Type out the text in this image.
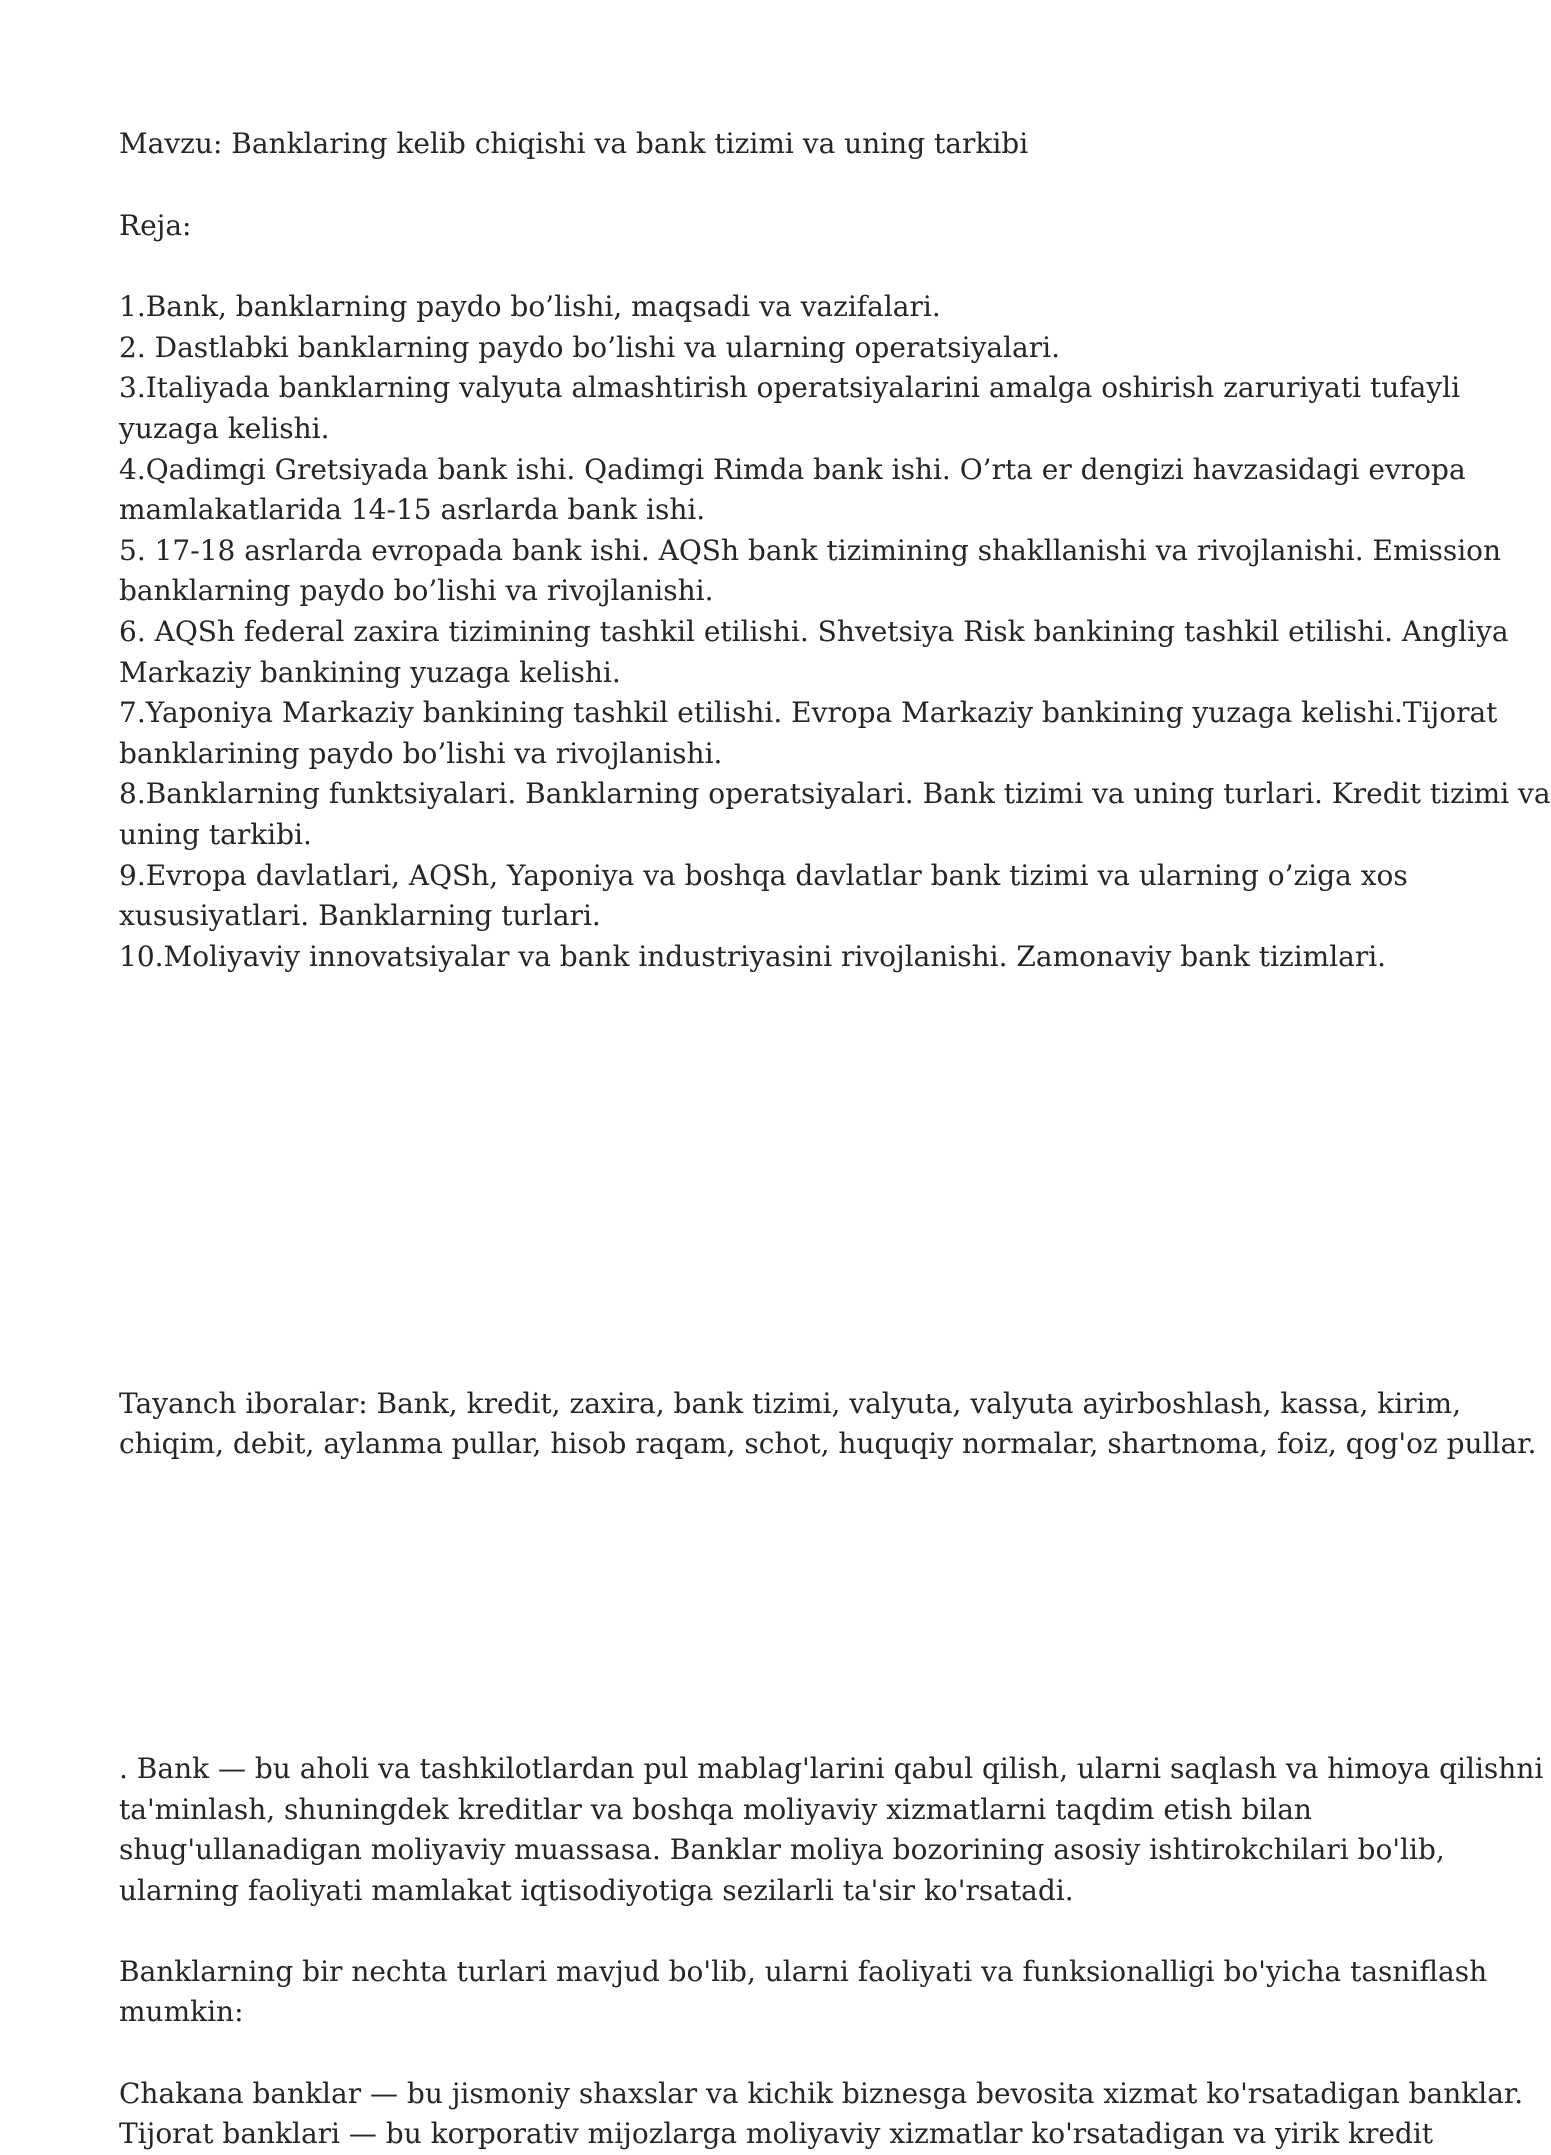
Mavzu: Banklaring kelib chiqishi va bank tizimi va uning tarkibi

Reja:

1.Bank, banklarning paydo bo’lishi, maqsadi va vazifalari.

2. Dastlabki banklarning paydo bo’lishi va ularning operatsiyalari.

3.Italiyada banklarning valyuta almashtirish operatsiyalarini amalga oshirish zaruriyati tufayli

yuzaga kelishi.

4.Qadimgi Gretsiyada bank ishi. Qadimgi Rimda bank ishi. O’rta er dengizi havzasidagi evropa

mamlakatlarida 14-15 asrlarda bank ishi.

5. 17-18 asrlarda evropada bank ishi. AQSh bank tizimining shakllanishi va rivojlanishi. Emission

banklarning paydo bo’lishi va rivojlanishi.

6. AQSh federal zaxira tizimining tashkil etilishi. Shvetsiya Risk bankining tashkil etilishi. Angliya

Markaziy bankining yuzaga kelishi.

7.Yaponiya Markaziy bankining tashkil etilishi. Evropa Markaziy bankining yuzaga kelishi.Tijorat

banklarining paydo bo’lishi va rivojlanishi.

8.Banklarning funktsiyalari. Banklarning operatsiyalari. Bank tizimi va uning turlari. Kredit tizimi va

uning tarkibi.

9.Evropa davlatlari, AQSh, Yaponiya va boshqa davlatlar bank tizimi va ularning o’ziga xos

xususiyatlari. Banklarning turlari.

10.Moliyaviy innovatsiyalar va bank industriyasini rivojlanishi. Zamonaviy bank tizimlari.

Tayanch iboralar: Bank, kredit, zaxira, bank tizimi, valyuta, valyuta ayirboshlash, kassa, kirim,

chiqim, debit, aylanma pullar, hisob raqam, schot, huquqiy normalar, shartnoma, foiz, qog'oz pullar.

. Bank — bu aholi va tashkilotlardan pul mablag'larini qabul qilish, ularni saqlash va himoya qilishni

ta'minlash, shuningdek kreditlar va boshqa moliyaviy xizmatlarni taqdim etish bilan

shug'ullanadigan moliyaviy muassasa. Banklar moliya bozorining asosiy ishtirokchilari bo'lib,

ularning faoliyati mamlakat iqtisodiyotiga sezilarli ta'sir ko'rsatadi.

Banklarning bir nechta turlari mavjud bo'lib, ularni faoliyati va funksionalligi bo'yicha tasniflash

mumkin:

Chakana banklar — bu jismoniy shaxslar va kichik biznesga bevosita xizmat ko'rsatadigan banklar.

Tijorat banklari — bu korporativ mijozlarga moliyaviy xizmatlar ko'rsatadigan va yirik kredit
